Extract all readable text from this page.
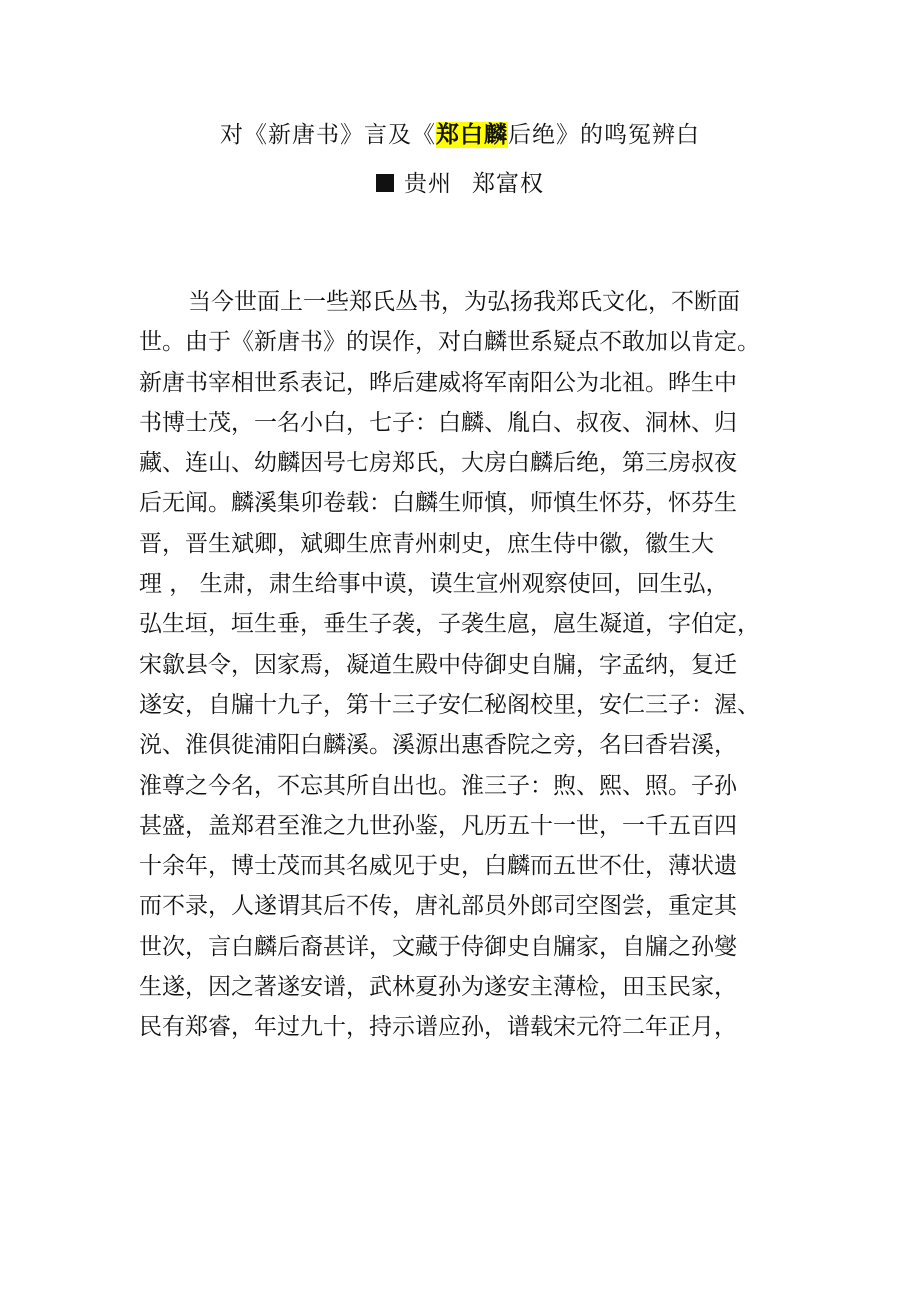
对《新唐书》言及《郑白麟后绝》的鸣冤辨白
贵州 郑富权
当今世面上一些郑氏丛书，为弘扬我郑氏文化，不断面
世。由于《新唐书》的误作，对白麟世系疑点不敢加以肯定。
新唐书宰相世系表记，晔后建威将军南阳公为北祖。晔生中
书博士茂，一名小白，七子：白麟、胤白、叔夜、洞林、归
藏、连山、幼麟因号七房郑氏，大房白麟后绝，第三房叔夜
后无闻。麟溪集卯卷载：白麟生师慎，师慎生怀芬，怀芬生
晋，晋生斌卿，斌卿生庶青州刺史，庶生侍中徽，徽生大
理 ， 生肃，肃生给事中谟，谟生宣州观察使回，回生弘，
弘生垣，垣生垂，垂生子袭，子袭生扈，扈生凝道，字伯定，
宋歙县令，因家焉，凝道生殿中侍御史自牖，字孟纳，复迁
遂安，自牖十九子，第十三子安仁秘阁校里，安仁三子：渥、
涚、淮俱徙浦阳白麟溪。溪源出惠香院之旁，名曰香岩溪，
淮尊之今名，不忘其所自出也。淮三子：煦、熙、照。子孙
甚盛，盖郑君至淮之九世孙鉴，凡历五十一世，一千五百四
十余年，博士茂而其名威见于史，白麟而五世不仕，薄状遗
而不录，人遂谓其后不传，唐礼部员外郎司空图尝，重定其
世次，言白麟后裔甚详，文藏于侍御史自牖家，自牖之孙燮
生遂，因之著遂安谱，武林夏孙为遂安主薄检，田玉民家，
民有郑睿，年过九十，持示谱应孙，谱载宋元符二年正月，
